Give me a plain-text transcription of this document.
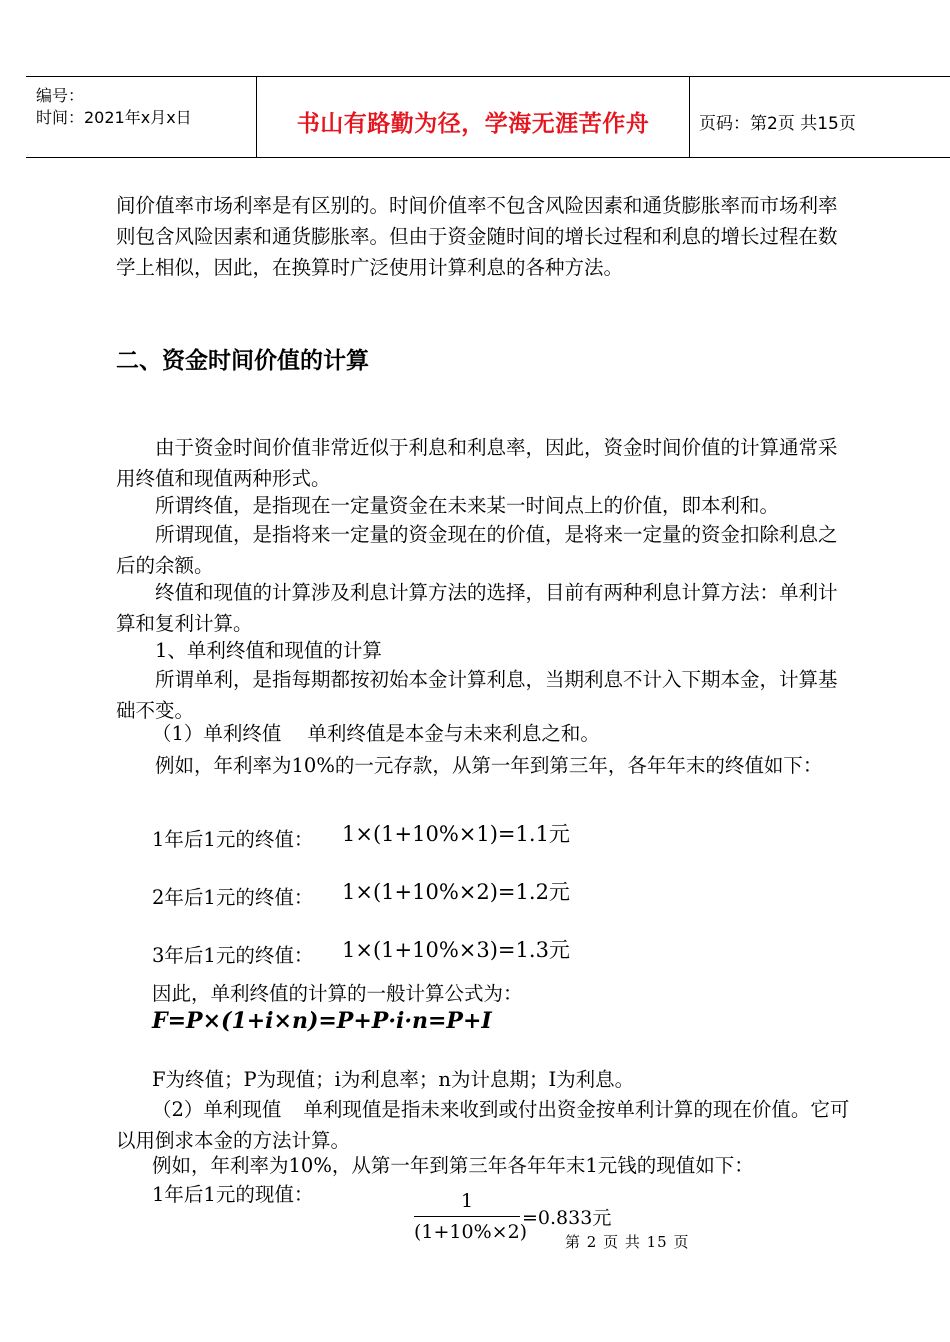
编号：
时间：2021年x月x日	书山有路勤为径，学海无涯苦作舟	页码：第2页 共15页

间价值率市场利率是有区别的。时间价值率不包含风险因素和通货膨胀率而市场利率则包含风险因素和通货膨胀率。但由于资金随时间的增长过程和利息的增长过程在数学上相似，因此，在换算时广泛使用计算利息的各种方法。

二、资金时间价值的计算

由于资金时间价值非常近似于利息和利息率，因此，资金时间价值的计算通常采用终值和现值两种形式。

所谓终值，是指现在一定量资金在未来某一时间点上的价值，即本利和。

所谓现值，是指将来一定量的资金现在的价值，是将来一定量的资金扣除利息之后的余额。

终值和现值的计算涉及利息计算方法的选择，目前有两种利息计算方法：单利计算和复利计算。

1、单利终值和现值的计算

所谓单利，是指每期都按初始本金计算利息，当期利息不计入下期本金，计算基础不变。

（1）单利终值 单利终值是本金与未来利息之和。

例如，年利率为10%的一元存款，从第一年到第三年，各年年末的终值如下：

1年后1元的终值： 1×(1+10%×1)=1.1元
2年后1元的终值： 1×(1+10%×2)=1.2元
3年后1元的终值： 1×(1+10%×3)=1.3元
因此，单利终值的计算的一般计算公式为：
F=P×(1+i×n)=P+P·i·n=P+I
F为终值；P为现值；i为利息率；n为计息期；I为利息。

（2）单利现值 单利现值是指未来收到或付出资金按单利计算的现在价值。它可以用倒求本金的方法计算。

例如，年利率为10%，从第一年到第三年各年年末1元钱的现值如下：
1年后1元的现值：	1
(1+10%×2)
=0.833元
第 2 页 共 15 页
